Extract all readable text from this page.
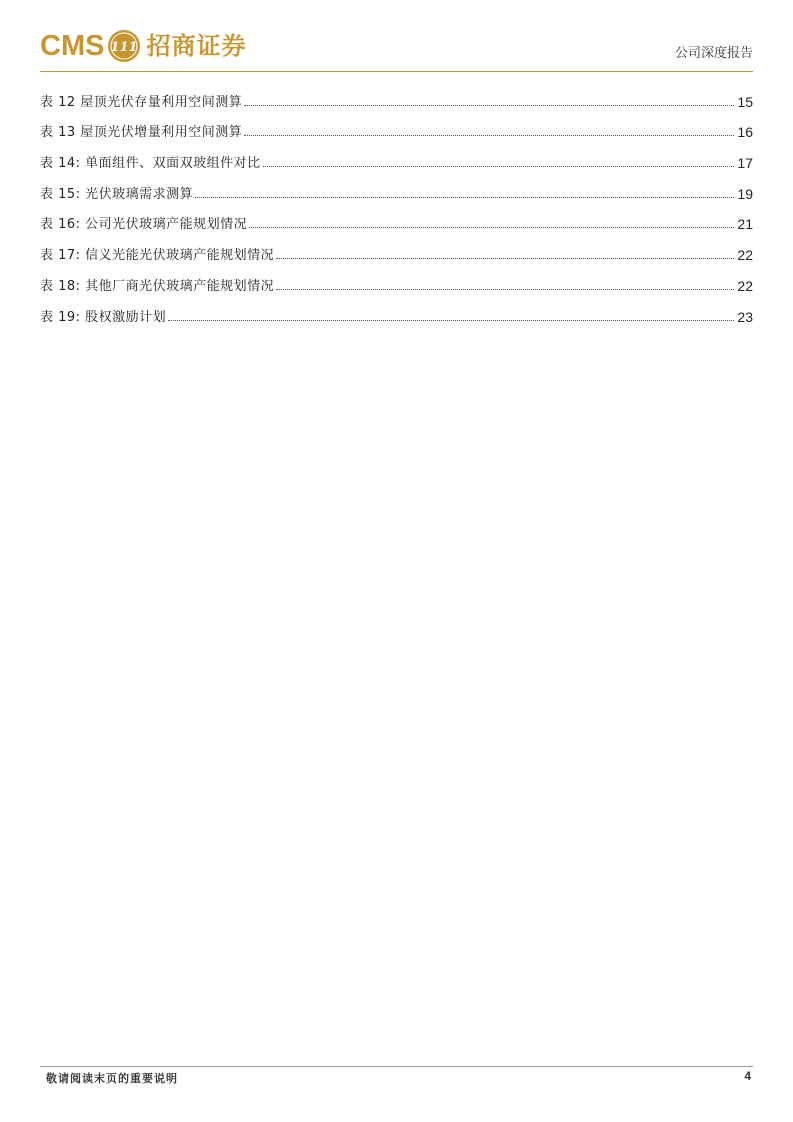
CMS 111 招商证券	公司深度报告
表 12 屋顶光伏存量利用空间测算	15
表 13 屋顶光伏增量利用空间测算	16
表 14: 单面组件、双面双玻组件对比	17
表 15: 光伏玻璃需求测算	19
表 16: 公司光伏玻璃产能规划情况	21
表 17: 信义光能光伏玻璃产能规划情况	22
表 18: 其他厂商光伏玻璃产能规划情况	22
表 19: 股权激励计划	23
敬请阅读末页的重要说明	4
